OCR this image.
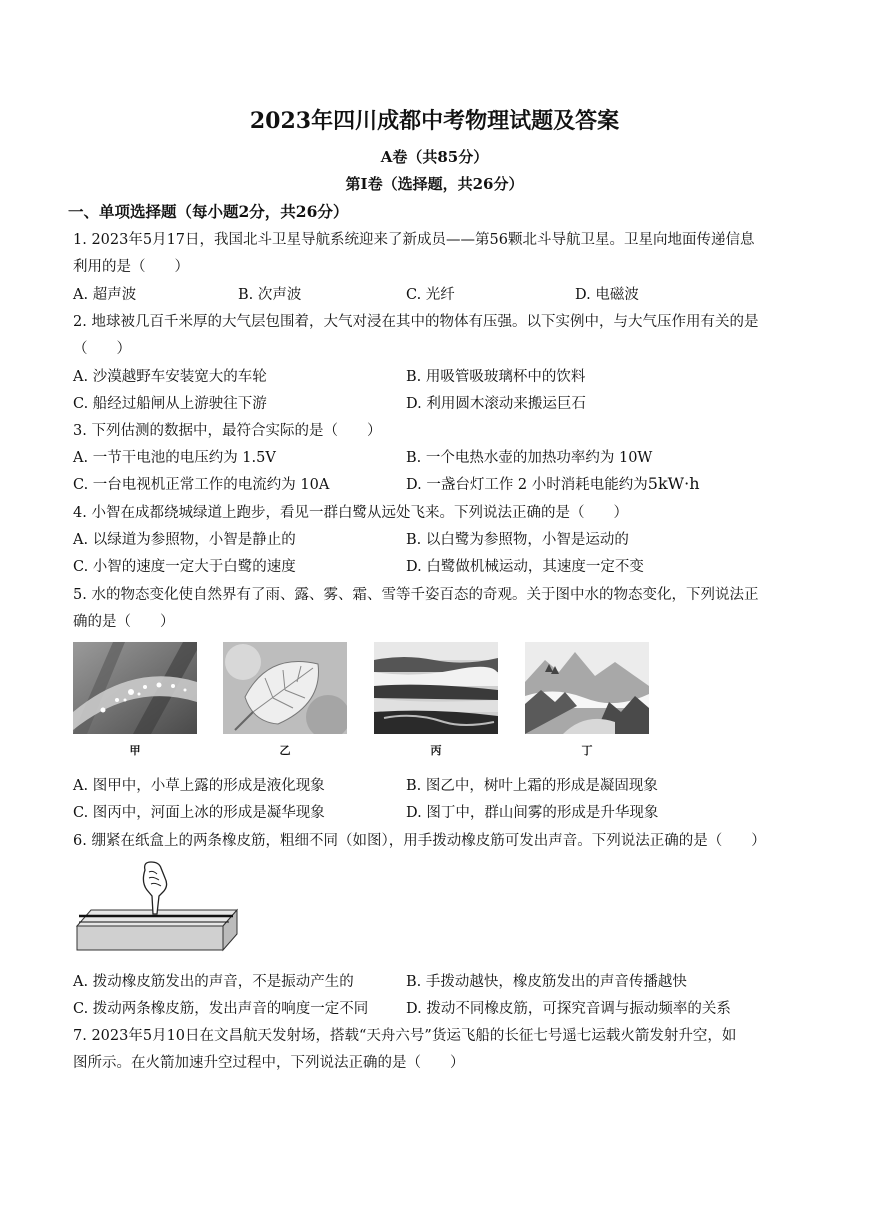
2023年四川成都中考物理试题及答案
A卷（共85分）
第Ⅰ卷（选择题，共26分）
一、单项选择题（每小题2分，共26分）
1. 2023年5月17日，我国北斗卫星导航系统迎来了新成员——第56颗北斗导航卫星。卫星向地面传递信息
利用的是（　　）
A. 超声波	B. 次声波	C. 光纤	D. 电磁波
2. 地球被几百千米厚的大气层包围着，大气对浸在其中的物体有压强。以下实例中，与大气压作用有关的是
（　　）
A. 沙漠越野车安装宽大的车轮	B. 用吸管吸玻璃杯中的饮料
C. 船经过船闸从上游驶往下游	D. 利用圆木滚动来搬运巨石
3. 下列估测的数据中，最符合实际的是（　　）
A. 一节干电池的电压约为 1.5V	B. 一个电热水壶的加热功率约为 10W
C. 一台电视机正常工作的电流约为 10A	D. 一盏台灯工作 2 小时消耗电能约为5kW·h
4. 小智在成都绕城绿道上跑步，看见一群白鹭从远处飞来。下列说法正确的是（　　）
A. 以绿道为参照物，小智是静止的	B. 以白鹭为参照物，小智是运动的
C. 小智的速度一定大于白鹭的速度	D. 白鹭做机械运动，其速度一定不变
5. 水的物态变化使自然界有了雨、露、雾、霜、雪等千姿百态的奇观。关于图中水的物态变化，下列说法正
确的是（　　）
甲	乙	丙	丁
A. 图甲中，小草上露的形成是液化现象	B. 图乙中，树叶上霜的形成是凝固现象
C. 图丙中，河面上冰的形成是凝华现象	D. 图丁中，群山间雾的形成是升华现象
6. 绷紧在纸盒上的两条橡皮筋，粗细不同（如图），用手拨动橡皮筋可发出声音。下列说法正确的是（　　）
A. 拨动橡皮筋发出的声音，不是振动产生的	B. 手拨动越快，橡皮筋发出的声音传播越快
C. 拨动两条橡皮筋，发出声音的响度一定不同	D. 拨动不同橡皮筋，可探究音调与振动频率的关系
7. 2023年5月10日在文昌航天发射场，搭载“天舟六号”货运飞船的长征七号遥七运载火箭发射升空，如
图所示。在火箭加速升空过程中，下列说法正确的是（　　）
